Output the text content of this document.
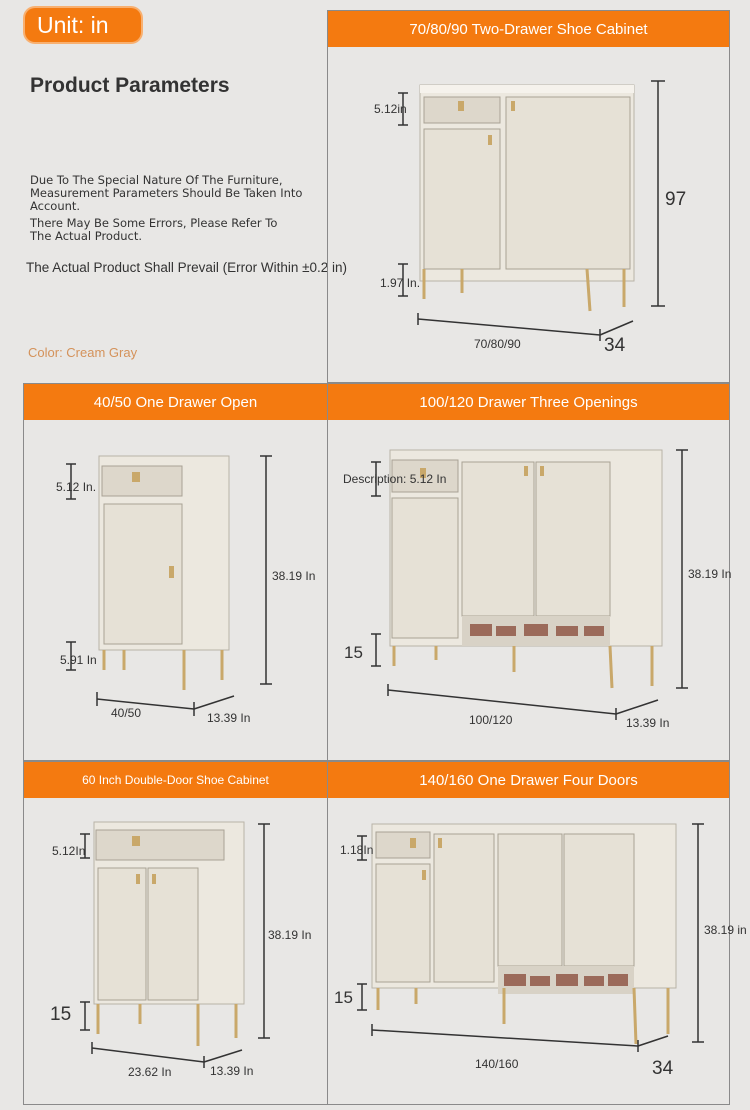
Unit: in
Product Parameters
Due To The Special Nature Of The Furniture, Measurement Parameters Should Be Taken Into Account.
There May Be Some Errors, Please Refer To The Actual Product.
The Actual Product Shall Prevail (Error Within ±0.2 in)
Color: Cream Gray
70/80/90 Two-Drawer Shoe Cabinet
5.12in
1.97 In.
97
70/80/90	34
40/50 One Drawer Open
5.12 In.
5.91 In
38.19 In
40/50	13.39 In
100/120 Drawer Three Openings
Description: 5.12 In
15
38.19 In
100/120	13.39 In
60 Inch Double-Door Shoe Cabinet
5.12In
15
38.19 In
23.62 In	13.39 In
140/160 One Drawer Four Doors
1.18In
15
38.19 in
140/160	34
